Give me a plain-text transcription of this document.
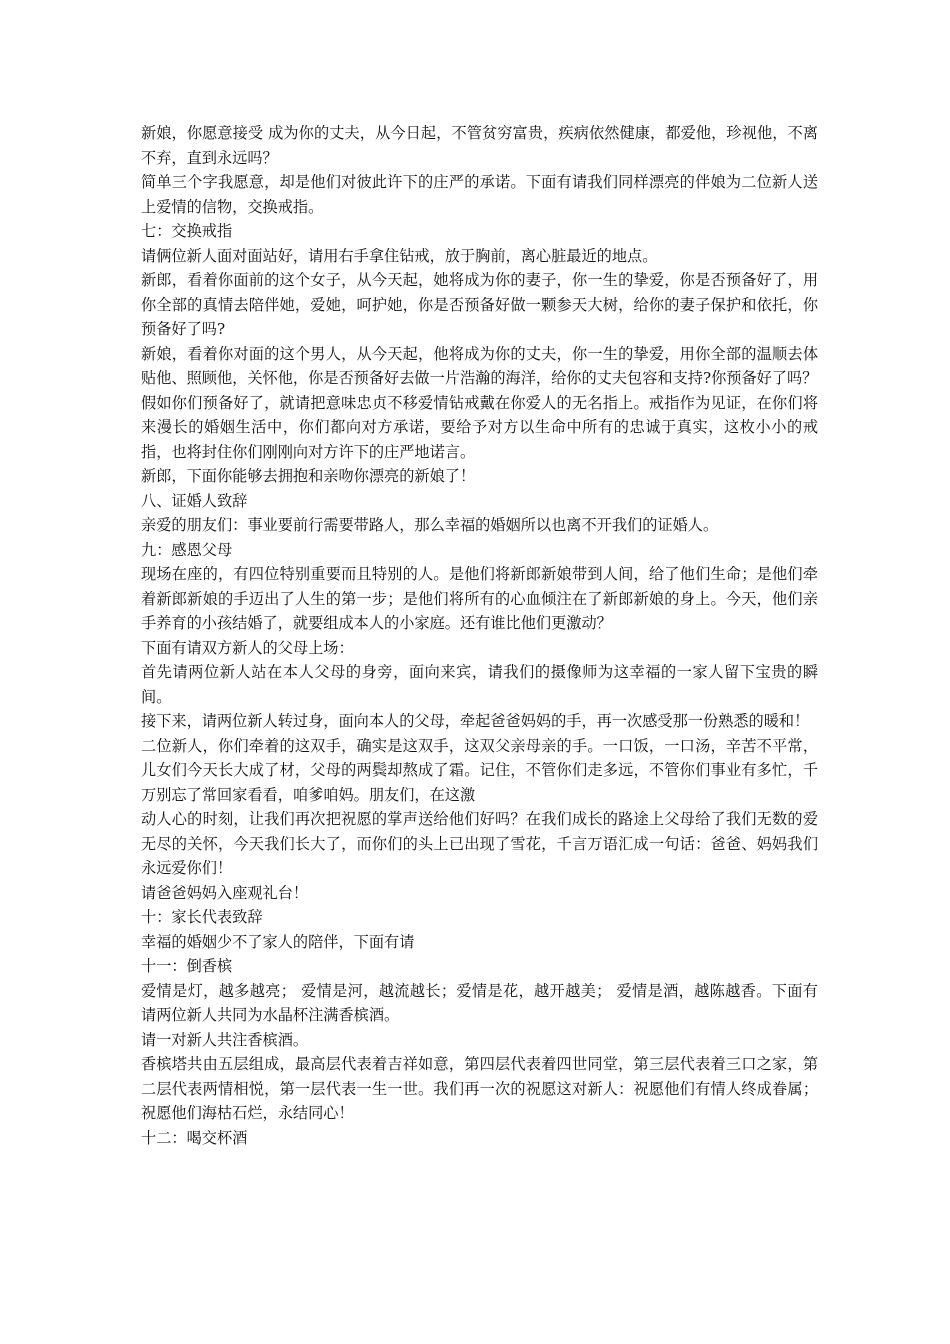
新娘，你愿意接受 成为你的丈夫，从今日起，不管贫穷富贵，疾病依然健康，都爱他，珍视他，不离不弃，直到永远吗？

简单三个字我愿意，却是他们对彼此许下的庄严的承诺。下面有请我们同样漂亮的伴娘为二位新人送上爱情的信物，交换戒指。

七：交换戒指

请俩位新人面对面站好，请用右手拿住钻戒，放于胸前，离心脏最近的地点。

新郎，看着你面前的这个女子，从今天起，她将成为你的妻子，你一生的挚爱，你是否预备好了，用你全部的真情去陪伴她，爱她，呵护她，你是否预备好做一颗参天大树，给你的妻子保护和依托，你预备好了吗?

新娘，看着你对面的这个男人，从今天起，他将成为你的丈夫，你一生的挚爱，用你全部的温顺去体贴他、照顾他，关怀他，你是否预备好去做一片浩瀚的海洋，给你的丈夫包容和支持?你预备好了吗？

假如你们预备好了，就请把意味忠贞不移爱情钻戒戴在你爱人的无名指上。戒指作为见证，在你们将来漫长的婚姻生活中，你们都向对方承诺，要给予对方以生命中所有的忠诚于真实，这枚小小的戒指，也将封住你们刚刚向对方许下的庄严地诺言。

新郎，下面你能够去拥抱和亲吻你漂亮的新娘了！

八、证婚人致辞

亲爱的朋友们：事业要前行需要带路人，那么幸福的婚姻所以也离不开我们的证婚人。

九：感恩父母

现场在座的，有四位特别重要而且特别的人。是他们将新郎新娘带到人间，给了他们生命；是他们牵着新郎新娘的手迈出了人生的第一步；是他们将所有的心血倾注在了新郎新娘的身上。今天，他们亲手养育的小孩结婚了，就要组成本人的小家庭。还有谁比他们更激动？

下面有请双方新人的父母上场：

首先请两位新人站在本人父母的身旁，面向来宾，请我们的摄像师为这幸福的一家人留下宝贵的瞬间。

接下来，请两位新人转过身，面向本人的父母，牵起爸爸妈妈的手，再一次感受那一份熟悉的暖和！

二位新人，你们牵着的这双手，确实是这双手，这双父亲母亲的手。一口饭，一口汤，辛苦不平常，儿女们今天长大成了材，父母的两鬓却熬成了霜。记住，不管你们走多远，不管你们事业有多忙，千万别忘了常回家看看，咱爹咱妈。朋友们，在这激

动人心的时刻，让我们再次把祝愿的掌声送给他们好吗？在我们成长的路途上父母给了我们无数的爱无尽的关怀，今天我们长大了，而你们的头上已出现了雪花，千言万语汇成一句话：爸爸、妈妈我们永远爱你们！

请爸爸妈妈入座观礼台！

十：家长代表致辞

幸福的婚姻少不了家人的陪伴，下面有请

十一：倒香槟

爱情是灯，越多越亮； 爱情是河，越流越长；爱情是花，越开越美； 爱情是酒，越陈越香。下面有请两位新人共同为水晶杯注满香槟酒。

请一对新人共注香槟酒。

香槟塔共由五层组成，最高层代表着吉祥如意，第四层代表着四世同堂，第三层代表着三口之家，第二层代表两情相悦，第一层代表一生一世。我们再一次的祝愿这对新人：祝愿他们有情人终成眷属；祝愿他们海枯石烂，永结同心！

十二：喝交杯酒
